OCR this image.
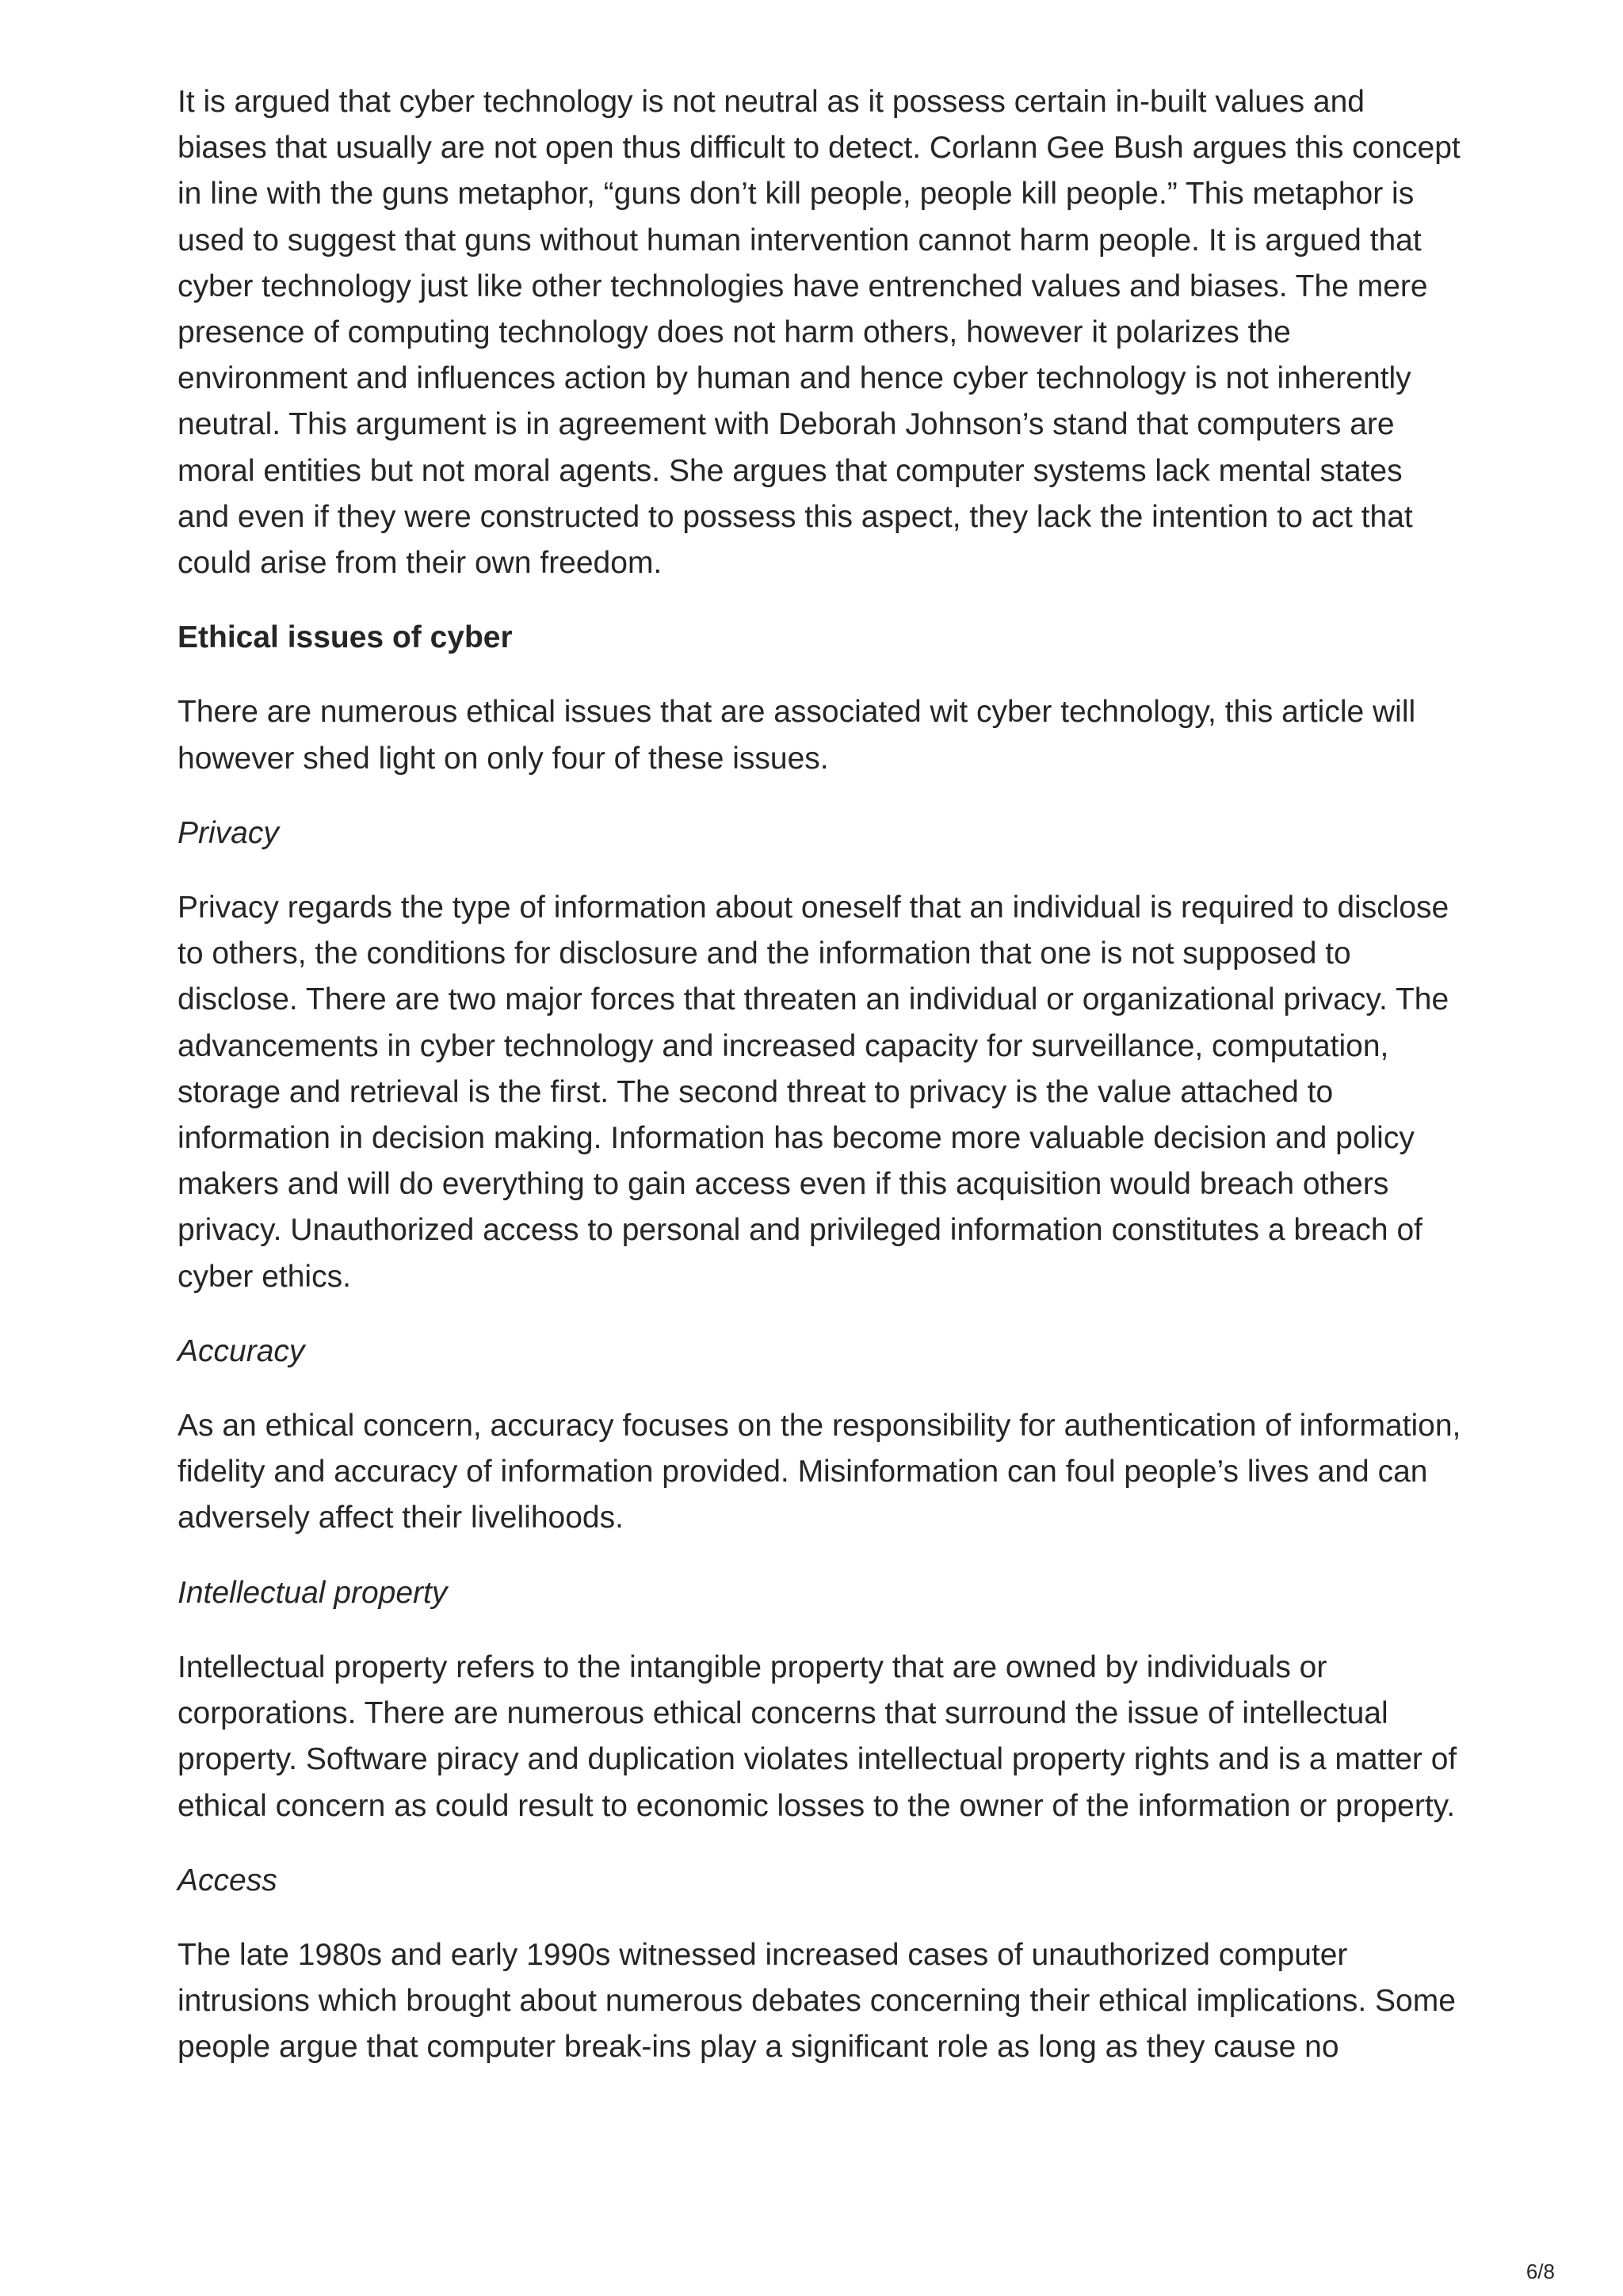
It is argued that cyber technology is not neutral as it possess certain in-built values and biases that usually are not open thus difficult to detect. Corlann Gee Bush argues this concept in line with the guns metaphor, “guns don’t kill people, people kill people.” This metaphor is used to suggest that guns without human intervention cannot harm people. It is argued that cyber technology just like other technologies have entrenched values and biases. The mere presence of computing technology does not harm others, however it polarizes the environment and influences action by human and hence cyber technology is not inherently neutral. This argument is in agreement with Deborah Johnson’s stand that computers are moral entities but not moral agents. She argues that computer systems lack mental states and even if they were constructed to possess this aspect, they lack the intention to act that could arise from their own freedom.

Ethical issues of cyber

There are numerous ethical issues that are associated wit cyber technology, this article will however shed light on only four of these issues.

Privacy

Privacy regards the type of information about oneself that an individual is required to disclose to others, the conditions for disclosure and the information that one is not supposed to disclose. There are two major forces that threaten an individual or organizational privacy. The advancements in cyber technology and increased capacity for surveillance, computation, storage and retrieval is the first. The second threat to privacy is the value attached to information in decision making. Information has become more valuable decision and policy makers and will do everything to gain access even if this acquisition would breach others privacy. Unauthorized access to personal and privileged information constitutes a breach of cyber ethics.

Accuracy

As an ethical concern, accuracy focuses on the responsibility for authentication of information, fidelity and accuracy of information provided. Misinformation can foul people’s lives and can adversely affect their livelihoods.

Intellectual property

Intellectual property refers to the intangible property that are owned by individuals or corporations. There are numerous ethical concerns that surround the issue of intellectual property. Software piracy and duplication violates intellectual property rights and is a matter of ethical concern as could result to economic losses to the owner of the information or property.

Access

The late 1980s and early 1990s witnessed increased cases of unauthorized computer intrusions which brought about numerous debates concerning their ethical implications. Some people argue that computer break-ins play a significant role as long as they cause no

6/8
